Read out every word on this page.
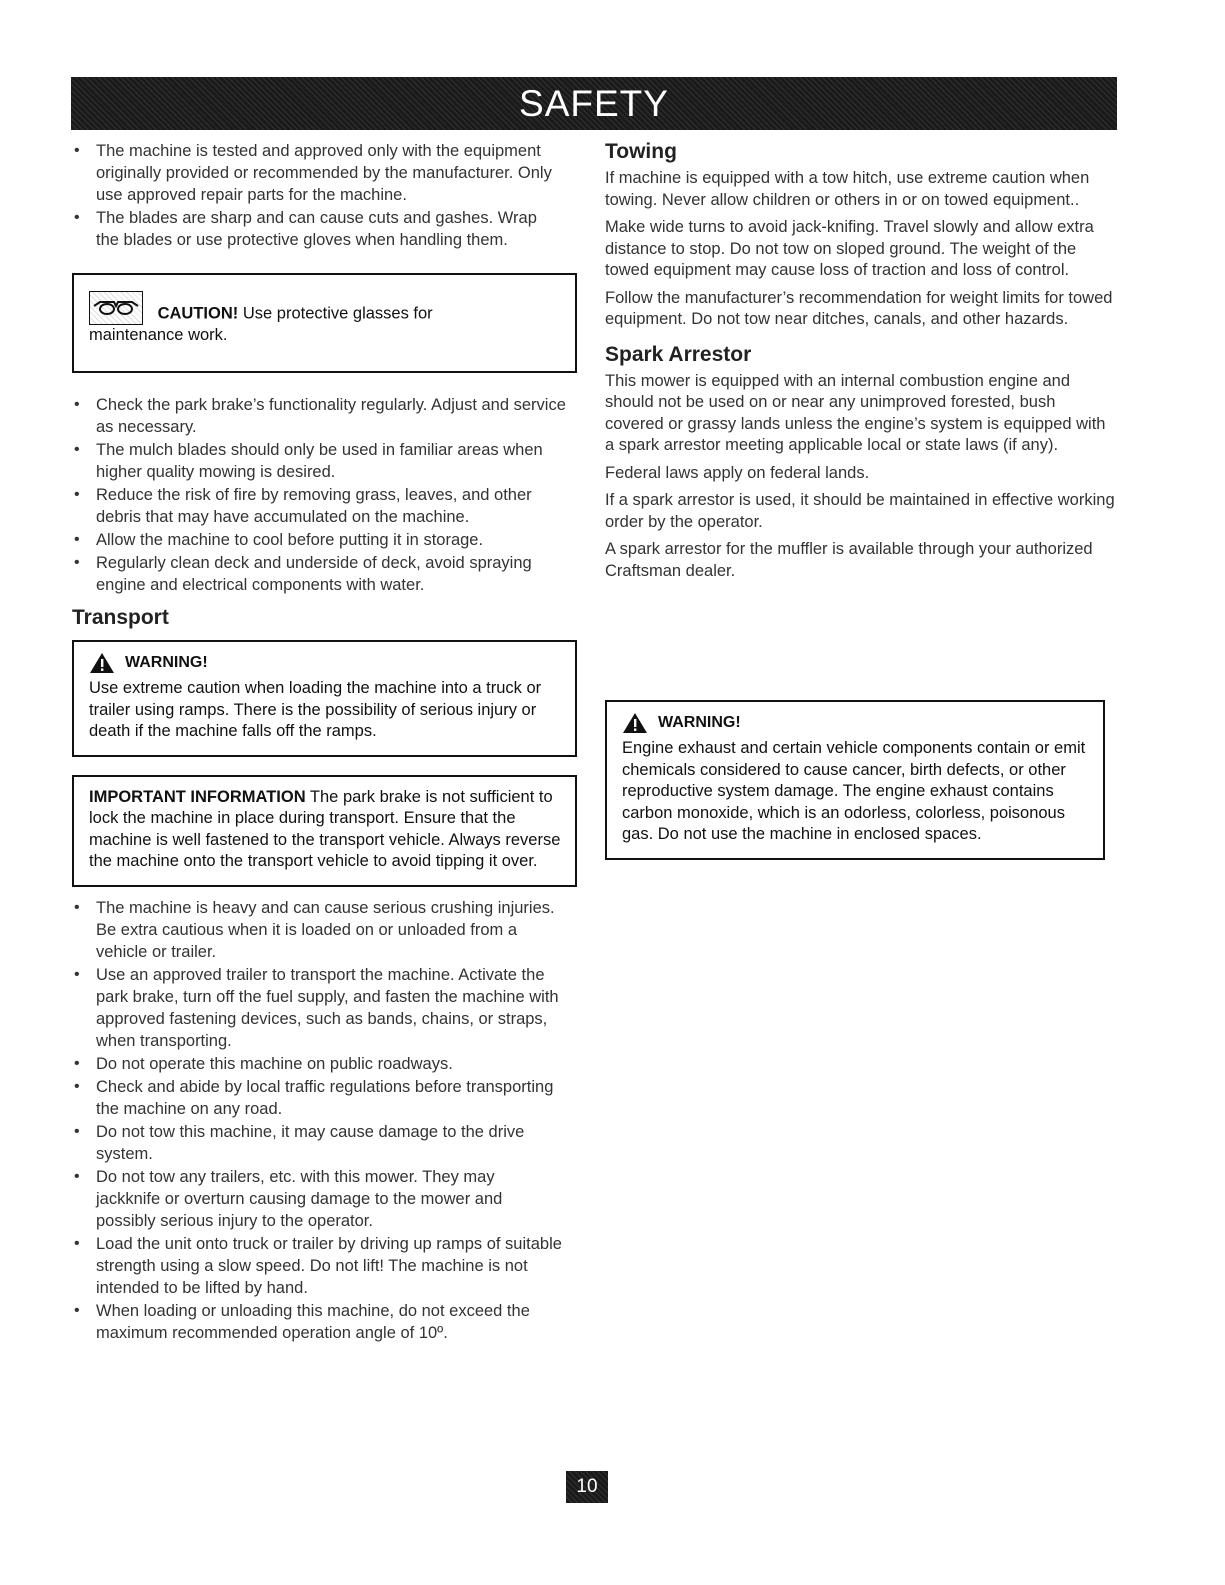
SAFETY
• The machine is tested and approved only with the equipment originally provided or recommended by the manufacturer. Only use approved repair parts for the machine.
• The blades are sharp and can cause cuts and gashes. Wrap the blades or use protective gloves when handling them.
CAUTION! Use protective glasses for
maintenance work.
• Check the park brake’s functionality regularly. Adjust and service as necessary.
• The mulch blades should only be used in familiar areas when higher quality mowing is desired.
• Reduce the risk of fire by removing grass, leaves, and other debris that may have accumulated on the machine.
• Allow the machine to cool before putting it in storage.
• Regularly clean deck and underside of deck, avoid spraying engine and electrical components with water.
Transport
WARNING!
Use extreme caution when loading the machine into a truck or trailer using ramps. There is the possibility of serious injury or death if the machine falls off the ramps.
IMPORTANT INFORMATION The park brake is not sufficient to lock the machine in place during transport. Ensure that the machine is well fastened to the transport vehicle. Always reverse the machine onto the transport vehicle to avoid tipping it over.
• The machine is heavy and can cause serious crushing injuries. Be extra cautious when it is loaded on or unloaded from a vehicle or trailer.
• Use an approved trailer to transport the machine. Activate the park brake, turn off the fuel supply, and fasten the machine with approved fastening devices, such as bands, chains, or straps, when transporting.
• Do not operate this machine on public roadways.
• Check and abide by local traffic regulations before transporting the machine on any road.
• Do not tow this machine, it may cause damage to the drive system.
• Do not tow any trailers, etc. with this mower. They may jackknife or overturn causing damage to the mower and possibly serious injury to the operator.
• Load the unit onto truck or trailer by driving up ramps of suitable strength using a slow speed. Do not lift! The machine is not intended to be lifted by hand.
• When loading or unloading this machine, do not exceed the maximum recommended operation angle of 10º.
Towing

If machine is equipped with a tow hitch, use extreme caution when towing. Never allow children or others in or on towed equipment..

Make wide turns to avoid jack-knifing. Travel slowly and allow extra distance to stop. Do not tow on sloped ground. The weight of the towed equipment may cause loss of traction and loss of control.

Follow the manufacturer’s recommendation for weight limits for towed equipment. Do not tow near ditches, canals, and other hazards.

Spark Arrestor

This mower is equipped with an internal combustion engine and should not be used on or near any unimproved forested, bush covered or grassy lands unless the engine’s system is equipped with a spark arrestor meeting applicable local or state laws (if any).

Federal laws apply on federal lands.

If a spark arrestor is used, it should be maintained in effective working order by the operator.

A spark arrestor for the muffler is available through your authorized Craftsman dealer.

WARNING!
Engine exhaust and certain vehicle components contain or emit chemicals considered to cause cancer, birth defects, or other reproductive system damage. The engine exhaust contains carbon monoxide, which is an odorless, colorless, poisonous gas. Do not use the machine in enclosed spaces.
10
